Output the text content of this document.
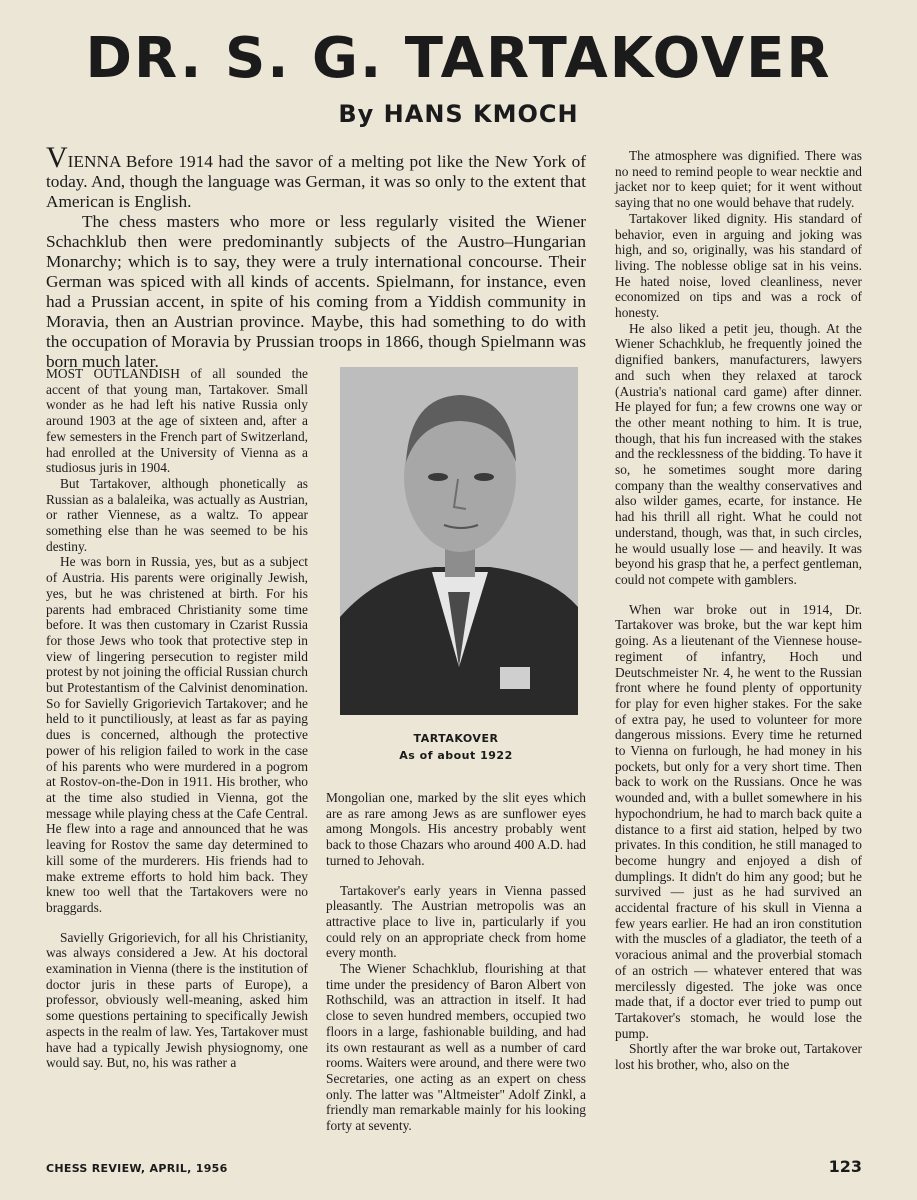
DR. S. G. TARTAKOVER
By HANS KMOCH

VIENNA Before 1914 had the savor of a melting pot like the New York of today. And, though the language was German, it was so only to the extent that American is English.

The chess masters who more or less regularly visited the Wiener Schachklub then were predominantly subjects of the Austro–Hungarian Monarchy; which is to say, they were a truly international concourse. Their German was spiced with all kinds of accents. Spielmann, for instance, even had a Prussian accent, in spite of his coming from a Yiddish community in Moravia, then an Austrian province. Maybe, this had something to do with the occupation of Moravia by Prussian troops in 1866, though Spielmann was born much later.

MOST OUTLANDISH of all sounded the accent of that young man, Tartakover. Small wonder as he had left his native Russia only around 1903 at the age of sixteen and, after a few semesters in the French part of Switzerland, had enrolled at the University of Vienna as a studiosus juris in 1904.

But Tartakover, although phonetically as Russian as a balaleika, was actually as Austrian, or rather Viennese, as a waltz. To appear something else than he was seemed to be his destiny.

He was born in Russia, yes, but as a subject of Austria. His parents were originally Jewish, yes, but he was christened at birth. For his parents had embraced Christianity some time before. It was then customary in Czarist Russia for those Jews who took that protective step in view of lingering persecution to register mild protest by not joining the official Russian church but Protestantism of the Calvinist denomination. So for Savielly Grigorievich Tartakover; and he held to it punctiliously, at least as far as paying dues is concerned, although the protective power of his religion failed to work in the case of his parents who were murdered in a pogrom at Rostov-on-the-Don in 1911. His brother, who at the time also studied in Vienna, got the message while playing chess at the Cafe Central. He flew into a rage and announced that he was leaving for Rostov the same day determined to kill some of the murderers. His friends had to make extreme efforts to hold him back. They knew too well that the Tartakovers were no braggards.

Savielly Grigorievich, for all his Christianity, was always considered a Jew. At his doctoral examination in Vienna (there is the institution of doctor juris in these parts of Europe), a professor, obviously well-meaning, asked him some questions pertaining to specifically Jewish aspects in the realm of law. Yes, Tartakover must have had a typically Jewish physiognomy, one would say. But, no, his was rather a

TARTAKOVER
As of about 1922

Mongolian one, marked by the slit eyes which are as rare among Jews as are sunflower eyes among Mongols. His ancestry probably went back to those Chazars who around 400 A.D. had turned to Jehovah.

Tartakover's early years in Vienna passed pleasantly. The Austrian metropolis was an attractive place to live in, particularly if you could rely on an appropriate check from home every month.

The Wiener Schachklub, flourishing at that time under the presidency of Baron Albert von Rothschild, was an attraction in itself. It had close to seven hundred members, occupied two floors in a large, fashionable building, and had its own restaurant as well as a number of card rooms. Waiters were around, and there were two Secretaries, one acting as an expert on chess only. The latter was "Altmeister" Adolf Zinkl, a friendly man remarkable mainly for his looking forty at seventy.

The atmosphere was dignified. There was no need to remind people to wear necktie and jacket nor to keep quiet; for it went without saying that no one would behave that rudely.

Tartakover liked dignity. His standard of behavior, even in arguing and joking was high, and so, originally, was his standard of living. The noblesse oblige sat in his veins. He hated noise, loved cleanliness, never economized on tips and was a rock of honesty.

He also liked a petit jeu, though. At the Wiener Schachklub, he frequently joined the dignified bankers, manufacturers, lawyers and such when they relaxed at tarock (Austria's national card game) after dinner. He played for fun; a few crowns one way or the other meant nothing to him. It is true, though, that his fun increased with the stakes and the recklessness of the bidding. To have it so, he sometimes sought more daring company than the wealthy conservatives and also wilder games, ecarte, for instance. He had his thrill all right. What he could not understand, though, was that, in such circles, he would usually lose — and heavily. It was beyond his grasp that he, a perfect gentleman, could not compete with gamblers.

When war broke out in 1914, Dr. Tartakover was broke, but the war kept him going. As a lieutenant of the Viennese house-regiment of infantry, Hoch und Deutschmeister Nr. 4, he went to the Russian front where he found plenty of opportunity for play for even higher stakes. For the sake of extra pay, he used to volunteer for more dangerous missions. Every time he returned to Vienna on furlough, he had money in his pockets, but only for a very short time. Then back to work on the Russians. Once he was wounded and, with a bullet somewhere in his hypochondrium, he had to march back quite a distance to a first aid station, helped by two privates. In this condition, he still managed to become hungry and enjoyed a dish of dumplings. It didn't do him any good; but he survived — just as he had survived an accidental fracture of his skull in Vienna a few years earlier. He had an iron constitution with the muscles of a gladiator, the teeth of a voracious animal and the proverbial stomach of an ostrich — whatever entered that was mercilessly digested. The joke was once made that, if a doctor ever tried to pump out Tartakover's stomach, he would lose the pump.

Shortly after the war broke out, Tartakover lost his brother, who, also on the

CHESS REVIEW, APRIL, 1956	123
